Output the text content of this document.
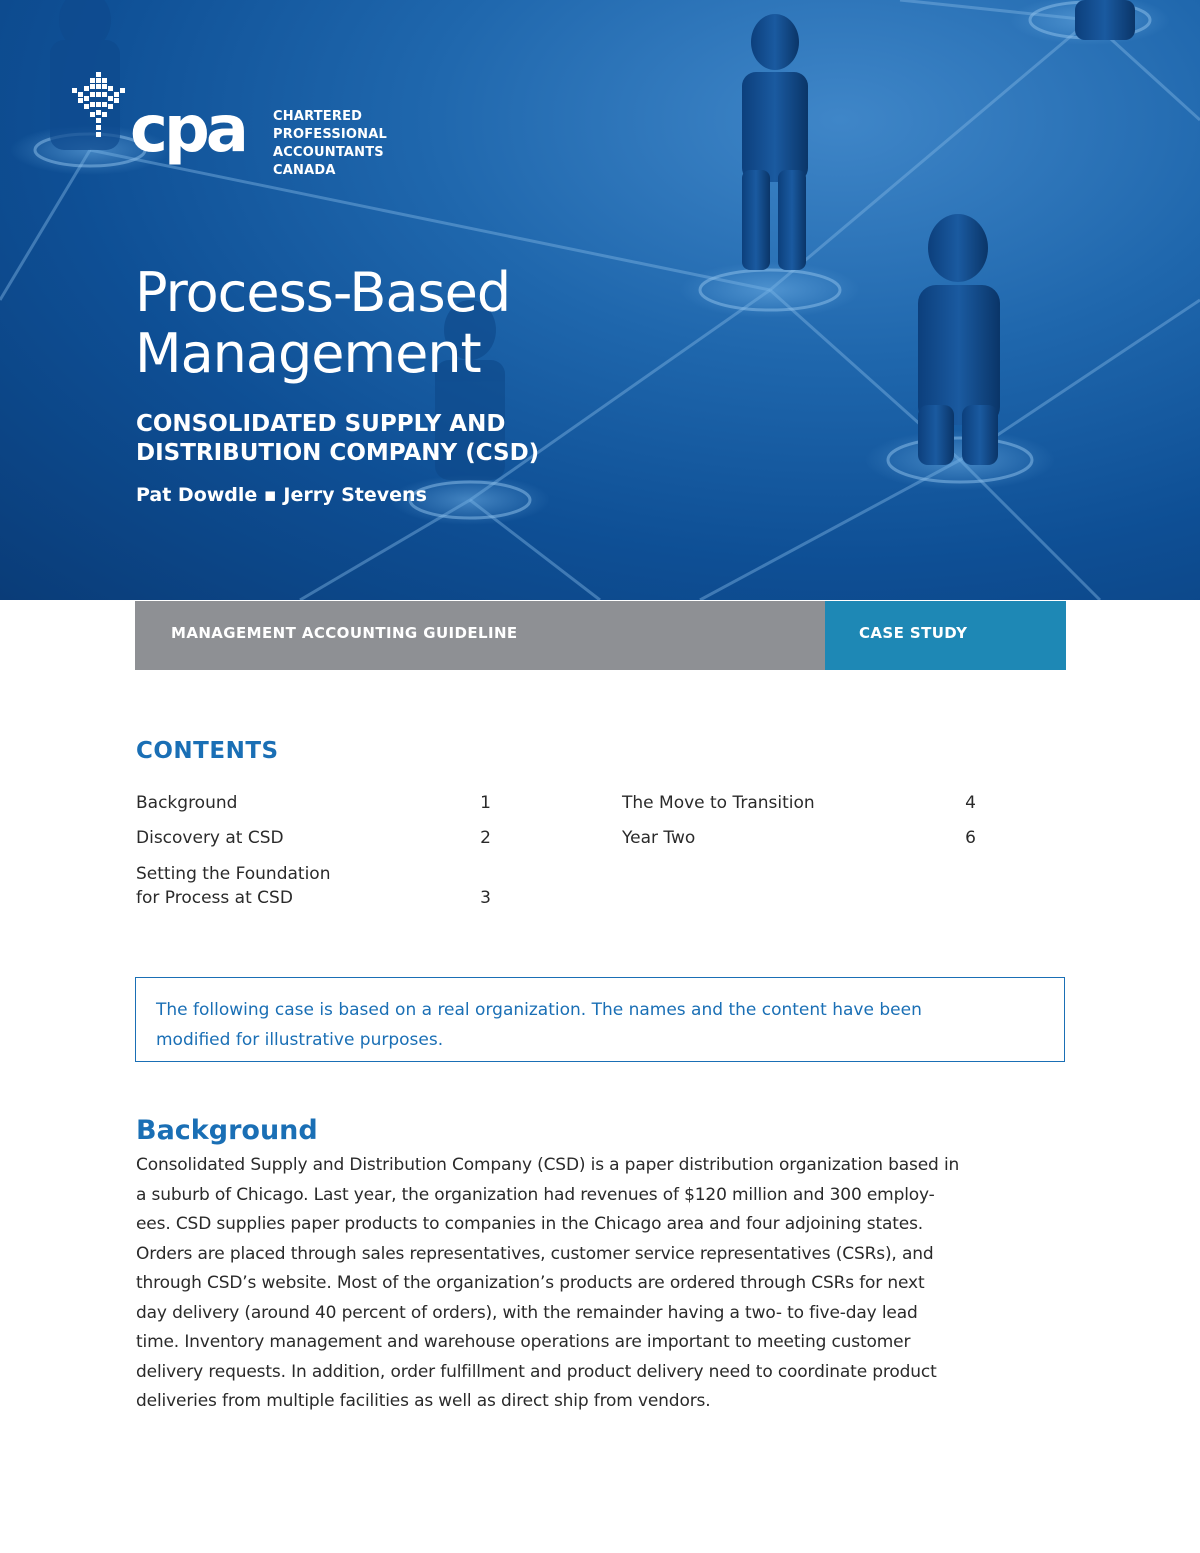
cpa CHARTERED
PROFESSIONAL
ACCOUNTANTS
CANADA
Process-Based
Management
CONSOLIDATED SUPPLY AND
DISTRIBUTION COMPANY (CSD)
Pat Dowdle ▪ Jerry Stevens
MANAGEMENT ACCOUNTING GUIDELINE	CASE STUDY
CONTENTS
Background	1
Discovery at CSD	2
Setting the Foundation
for Process at CSD	3
The Move to Transition	4
Year Two	6
The following case is based on a real organization. The names and the content have been
modified for illustrative purposes.
Background
Consolidated Supply and Distribution Company (CSD) is a paper distribution organization based in
a suburb of Chicago. Last year, the organization had revenues of $120 million and 300 employ-
ees. CSD supplies paper products to companies in the Chicago area and four adjoining states.
Orders are placed through sales representatives, customer service representatives (CSRs), and
through CSD’s website. Most of the organization’s products are ordered through CSRs for next
day delivery (around 40 percent of orders), with the remainder having a two- to five-day lead
time. Inventory management and warehouse operations are important to meeting customer
delivery requests. In addition, order fulfillment and product delivery need to coordinate product
deliveries from multiple facilities as well as direct ship from vendors.
